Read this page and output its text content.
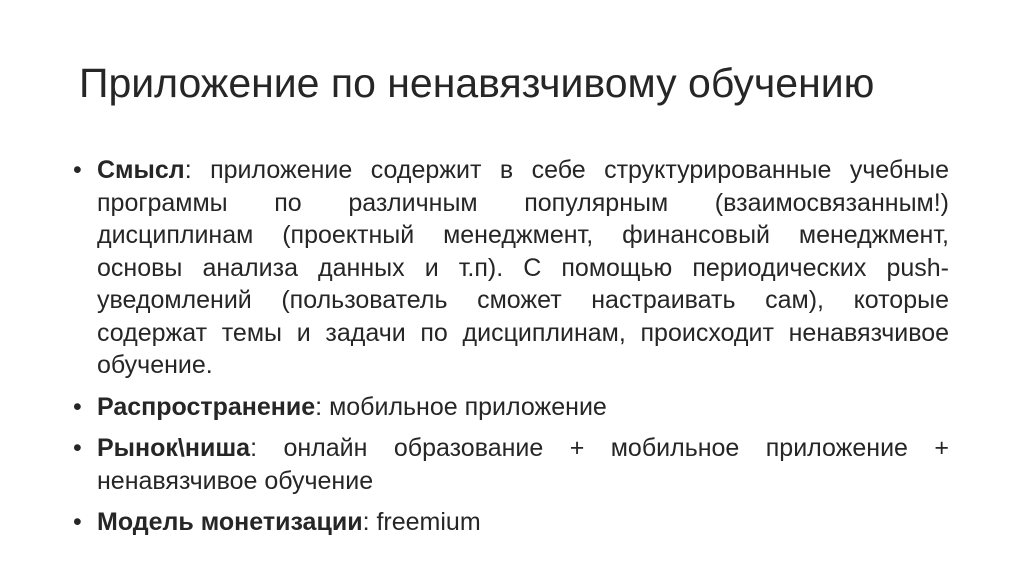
Приложение по ненавязчивому обучению
• Смысл: приложение содержит в себе структурированные учебные программы по различным популярным (взаимосвязанным!) дисциплинам (проектный менеджмент, финансовый менеджмент, основы анализа данных и т.п). С помощью периодических push-уведомлений (пользователь сможет настраивать сам), которые содержат темы и задачи по дисциплинам, происходит ненавязчивое обучение.
• Распространение: мобильное приложение
• Рынок\ниша: онлайн образование + мобильное приложение + ненавязчивое обучение
• Модель монетизации: freemium
